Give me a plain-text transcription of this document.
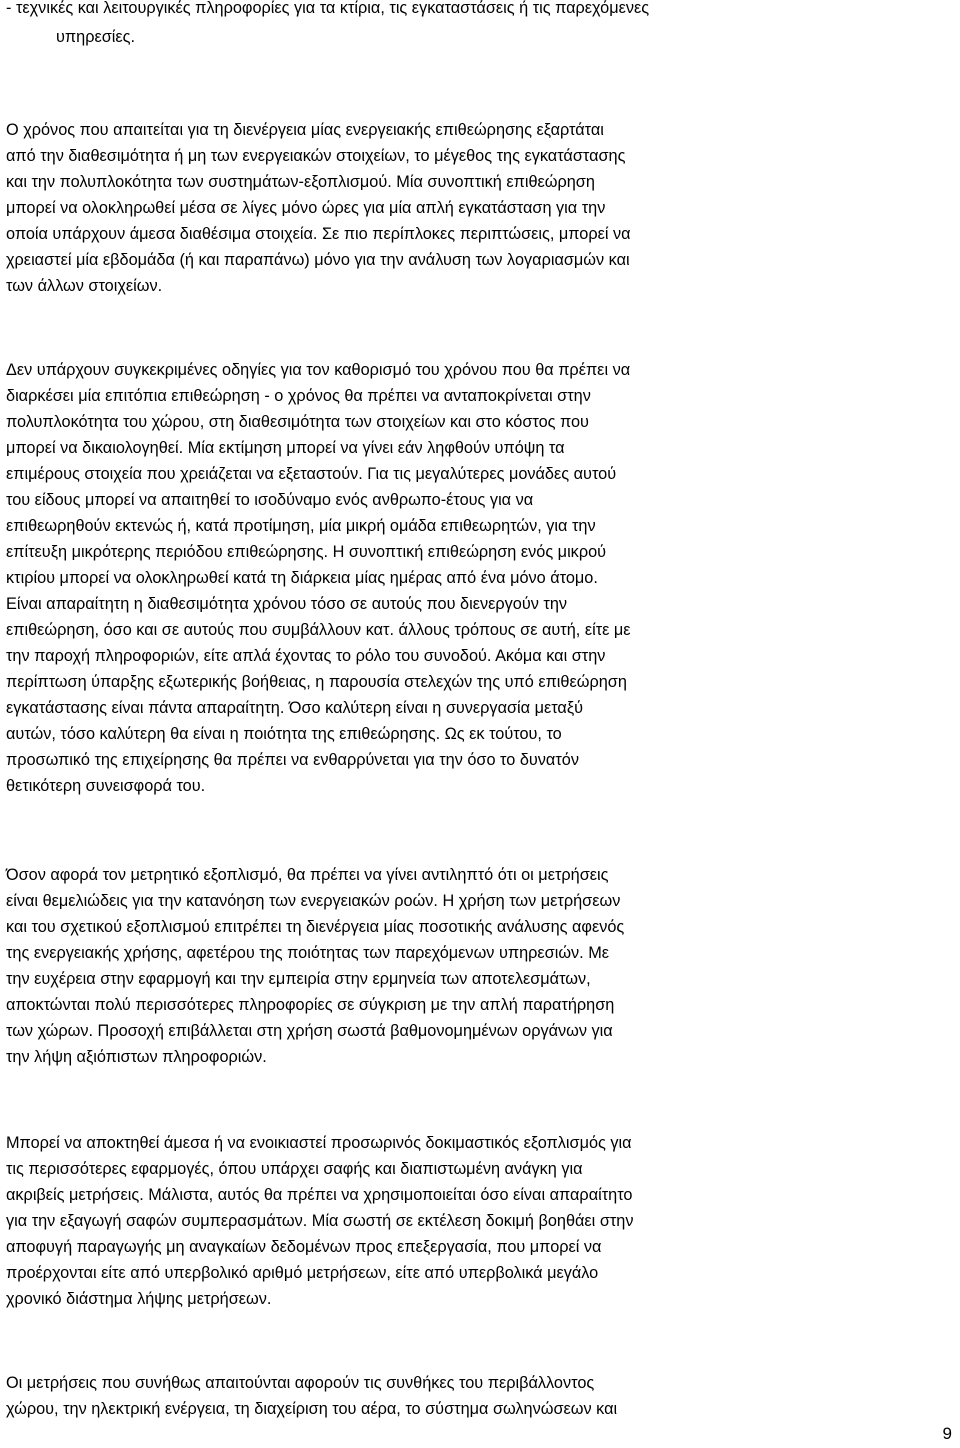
- τεχνικές και λειτουργικές πληροφορίες για τα κτίρια, τις εγκαταστάσεις ή τις παρεχόμενες
υπηρεσίες.
Ο χρόνος που απαιτείται για τη διενέργεια μίας ενεργειακής επιθεώρησης εξαρτάται
από την διαθεσιμότητα ή μη των ενεργειακών στοιχείων, το μέγεθος της εγκατάστασης
και την πολυπλοκότητα των συστημάτων-εξοπλισμού. Μία συνοπτική επιθεώρηση
μπορεί να ολοκληρωθεί μέσα σε λίγες μόνο ώρες για μία απλή εγκατάσταση για την
οποία υπάρχουν άμεσα διαθέσιμα στοιχεία. Σε πιο περίπλοκες περιπτώσεις, μπορεί να
χρειαστεί μία εβδομάδα (ή και παραπάνω) μόνο για την ανάλυση των λογαριασμών και
των άλλων στοιχείων.
Δεν υπάρχουν συγκεκριμένες οδηγίες για τον καθορισμό του χρόνου που θα πρέπει να
διαρκέσει μία επιτόπια επιθεώρηση - ο χρόνος θα πρέπει να ανταποκρίνεται στην
πολυπλοκότητα του χώρου, στη διαθεσιμότητα των στοιχείων και στο κόστος που
μπορεί να δικαιολογηθεί. Μία εκτίμηση μπορεί να γίνει εάν ληφθούν υπόψη τα
επιμέρους στοιχεία που χρειάζεται να εξεταστούν. Για τις μεγαλύτερες μονάδες αυτού
του είδους μπορεί να απαιτηθεί το ισοδύναμο ενός ανθρωπο-έτους για να
επιθεωρηθούν εκτενώς ή, κατά προτίμηση, μία μικρή ομάδα επιθεωρητών, για την
επίτευξη μικρότερης περιόδου επιθεώρησης. Η συνοπτική επιθεώρηση ενός μικρού
κτιρίου μπορεί να ολοκληρωθεί κατά τη διάρκεια μίας ημέρας από ένα μόνο άτομο.
Είναι απαραίτητη η διαθεσιμότητα χρόνου τόσο σε αυτούς που διενεργούν την
επιθεώρηση, όσο και σε αυτούς που συμβάλλουν κατ. άλλους τρόπους σε αυτή, είτε με
την παροχή πληροφοριών, είτε απλά έχοντας το ρόλο του συνοδού. Ακόμα και στην
περίπτωση ύπαρξης εξωτερικής βοήθειας, η παρουσία στελεχών της υπό επιθεώρηση
εγκατάστασης είναι πάντα απαραίτητη. Όσο καλύτερη είναι η συνεργασία μεταξύ
αυτών, τόσο καλύτερη θα είναι η ποιότητα της επιθεώρησης. Ως εκ τούτου, το
προσωπικό της επιχείρησης θα πρέπει να ενθαρρύνεται για την όσο το δυνατόν
θετικότερη συνεισφορά του.
Όσον αφορά τον μετρητικό εξοπλισμό, θα πρέπει να γίνει αντιληπτό ότι οι μετρήσεις
είναι θεμελιώδεις για την κατανόηση των ενεργειακών ροών. Η χρήση των μετρήσεων
και του σχετικού εξοπλισμού επιτρέπει τη διενέργεια μίας ποσοτικής ανάλυσης αφενός
της ενεργειακής χρήσης, αφετέρου της ποιότητας των παρεχόμενων υπηρεσιών. Με
την ευχέρεια στην εφαρμογή και την εμπειρία στην ερμηνεία των αποτελεσμάτων,
αποκτώνται πολύ περισσότερες πληροφορίες σε σύγκριση με την απλή παρατήρηση
των χώρων. Προσοχή επιβάλλεται στη χρήση σωστά βαθμονομημένων οργάνων για
την λήψη αξιόπιστων πληροφοριών.
Μπορεί να αποκτηθεί άμεσα ή να ενοικιαστεί προσωρινός δοκιμαστικός εξοπλισμός για
τις περισσότερες εφαρμογές, όπου υπάρχει σαφής και διαπιστωμένη ανάγκη για
ακριβείς μετρήσεις. Μάλιστα, αυτός θα πρέπει να χρησιμοποιείται όσο είναι απαραίτητο
για την εξαγωγή σαφών συμπερασμάτων. Μία σωστή σε εκτέλεση δοκιμή βοηθάει στην
αποφυγή παραγωγής μη αναγκαίων δεδομένων προς επεξεργασία, που μπορεί να
προέρχονται είτε από υπερβολικό αριθμό μετρήσεων, είτε από υπερβολικά μεγάλο
χρονικό διάστημα λήψης μετρήσεων.
Οι μετρήσεις που συνήθως απαιτούνται αφορούν τις συνθήκες του περιβάλλοντος
χώρου, την ηλεκτρική ενέργεια, τη διαχείριση του αέρα, το σύστημα σωληνώσεων και
9
